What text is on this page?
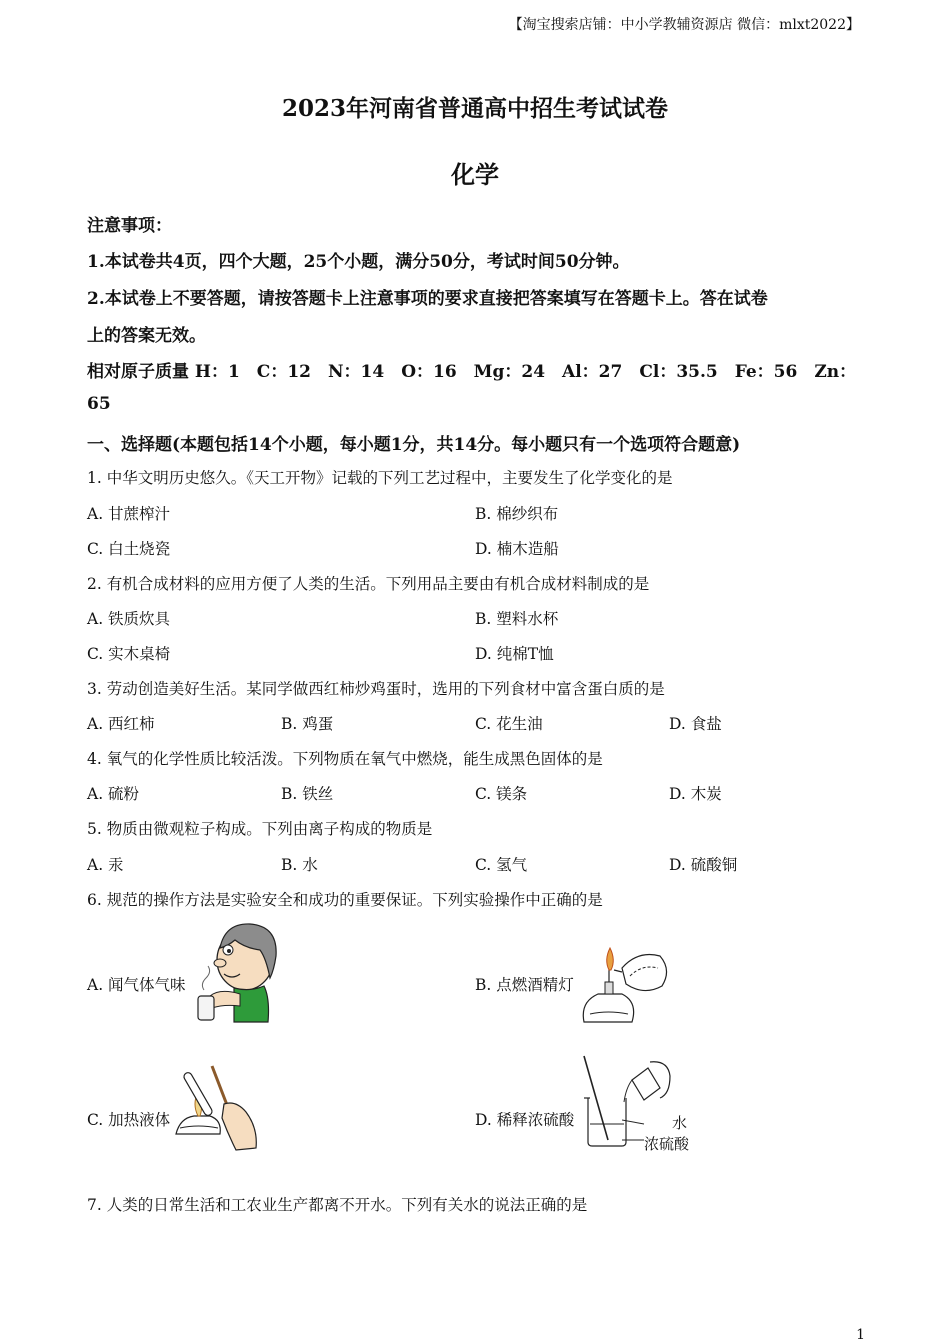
【淘宝搜索店铺：中小学教辅资源店 微信：mlxt2022】
2023年河南省普通高中招生考试试卷
化学
注意事项：
1.本试卷共4页，四个大题，25个小题，满分50分，考试时间50分钟。
2.本试卷上不要答题，请按答题卡上注意事项的要求直接把答案填写在答题卡上。答在试卷
上的答案无效。
相对原子质量 H：1　C：12　N：14　O：16　Mg：24　Al：27　Cl：35.5　Fe：56　Zn：
65
一、选择题(本题包括14个小题，每小题1分，共14分。每小题只有一个选项符合题意)
1. 中华文明历史悠久。《天工开物》记载的下列工艺过程中，主要发生了化学变化的是
A. 甘蔗榨汁	B. 棉纱织布
C. 白土烧瓷	D. 楠木造船
2. 有机合成材料的应用方便了人类的生活。下列用品主要由有机合成材料制成的是
A. 铁质炊具	B. 塑料水杯
C. 实木桌椅	D. 纯棉T恤
3. 劳动创造美好生活。某同学做西红柿炒鸡蛋时，选用的下列食材中富含蛋白质的是
A. 西红柿	B. 鸡蛋	C. 花生油	D. 食盐
4. 氧气的化学性质比较活泼。下列物质在氧气中燃烧，能生成黑色固体的是
A. 硫粉	B. 铁丝	C. 镁条	D. 木炭
5. 物质由微观粒子构成。下列由离子构成的物质是
A. 汞	B. 水	C. 氢气	D. 硫酸铜
6. 规范的操作方法是实验安全和成功的重要保证。下列实验操作中正确的是
A. 闻气体气味	B. 点燃酒精灯
C. 加热液体	D. 稀释浓硫酸	水
浓硫酸
7. 人类的日常生活和工农业生产都离不开水。下列有关水的说法正确的是
1
